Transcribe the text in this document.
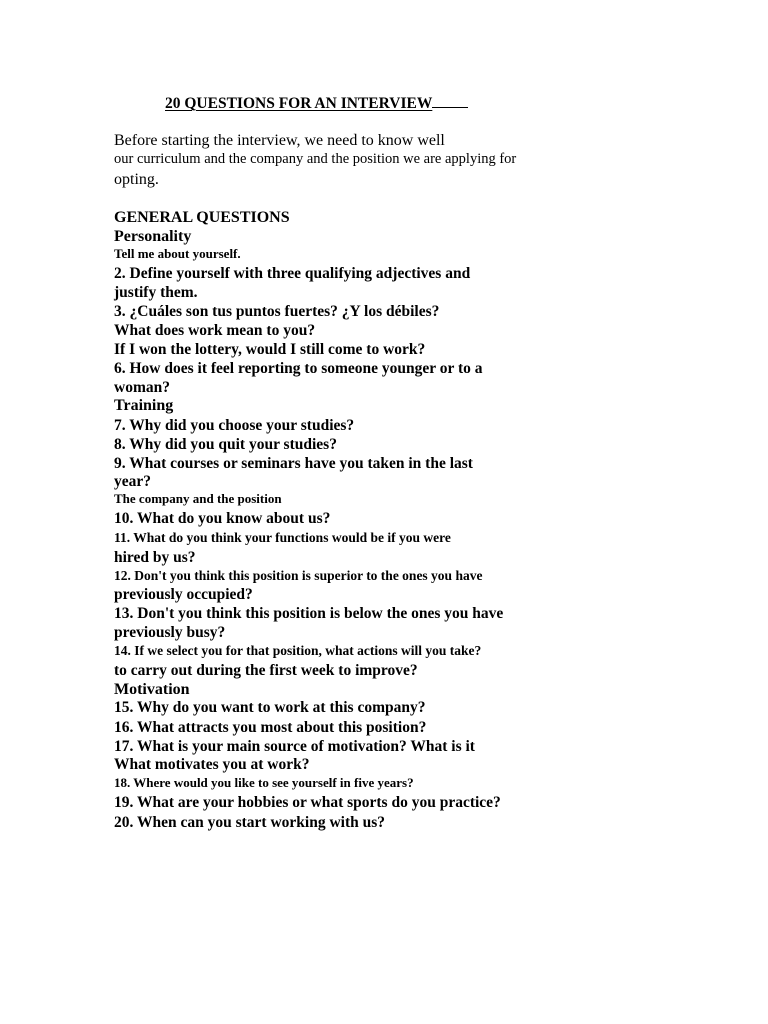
20 QUESTIONS FOR AN INTERVIEW
Before starting the interview, we need to know well
our curriculum and the company and the position we are applying for
opting.
GENERAL QUESTIONS
Personality
Tell me about yourself.
2. Define yourself with three qualifying adjectives and
justify them.
3. ¿Cuáles son tus puntos fuertes? ¿Y los débiles?
What does work mean to you?
If I won the lottery, would I still come to work?
6. How does it feel reporting to someone younger or to a
woman?
Training
7. Why did you choose your studies?
8. Why did you quit your studies?
9. What courses or seminars have you taken in the last
year?
The company and the position
10. What do you know about us?
11. What do you think your functions would be if you were
hired by us?
12. Don't you think this position is superior to the ones you have
previously occupied?
13. Don't you think this position is below the ones you have
previously busy?
14. If we select you for that position, what actions will you take?
to carry out during the first week to improve?
Motivation
15. Why do you want to work at this company?
16. What attracts you most about this position?
17. What is your main source of motivation? What is it
What motivates you at work?
18. Where would you like to see yourself in five years?
19. What are your hobbies or what sports do you practice?
20. When can you start working with us?
